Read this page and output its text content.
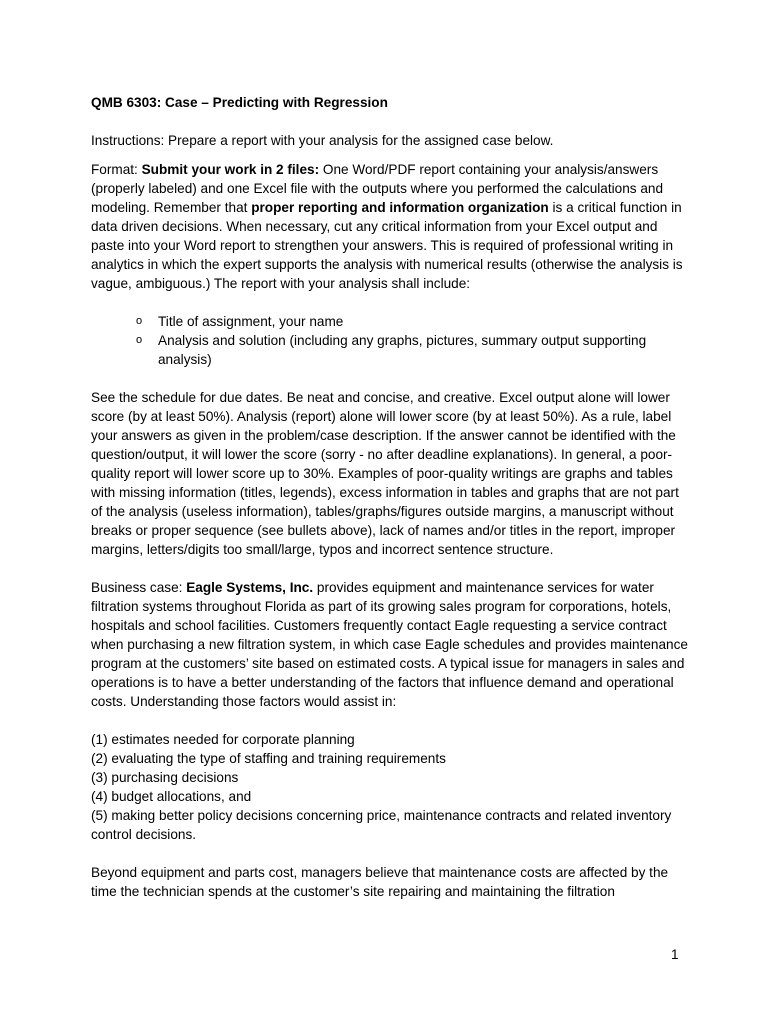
QMB 6303: Case – Predicting with Regression

Instructions: Prepare a report with your analysis for the assigned case below.

Format: Submit your work in 2 files: One Word/PDF report containing your analysis/answers (properly labeled) and one Excel file with the outputs where you performed the calculations and modeling. Remember that proper reporting and information organization is a critical function in data driven decisions. When necessary, cut any critical information from your Excel output and paste into your Word report to strengthen your answers. This is required of professional writing in analytics in which the expert supports the analysis with numerical results (otherwise the analysis is vague, ambiguous.) The report with your analysis shall include:

o Title of assignment, your name
o Analysis and solution (including any graphs, pictures, summary output supporting analysis)

See the schedule for due dates. Be neat and concise, and creative. Excel output alone will lower score (by at least 50%). Analysis (report) alone will lower score (by at least 50%). As a rule, label your answers as given in the problem/case description. If the answer cannot be identified with the question/output, it will lower the score (sorry - no after deadline explanations). In general, a poor-quality report will lower score up to 30%. Examples of poor-quality writings are graphs and tables with missing information (titles, legends), excess information in tables and graphs that are not part of the analysis (useless information), tables/graphs/figures outside margins, a manuscript without breaks or proper sequence (see bullets above), lack of names and/or titles in the report, improper margins, letters/digits too small/large, typos and incorrect sentence structure.

Business case: Eagle Systems, Inc. provides equipment and maintenance services for water filtration systems throughout Florida as part of its growing sales program for corporations, hotels, hospitals and school facilities. Customers frequently contact Eagle requesting a service contract when purchasing a new filtration system, in which case Eagle schedules and provides maintenance program at the customers’ site based on estimated costs. A typical issue for managers in sales and operations is to have a better understanding of the factors that influence demand and operational costs. Understanding those factors would assist in:

(1) estimates needed for corporate planning

(2) evaluating the type of staffing and training requirements

(3) purchasing decisions

(4) budget allocations, and

(5) making better policy decisions concerning price, maintenance contracts and related inventory control decisions.

Beyond equipment and parts cost, managers believe that maintenance costs are affected by the time the technician spends at the customer’s site repairing and maintaining the filtration

1
